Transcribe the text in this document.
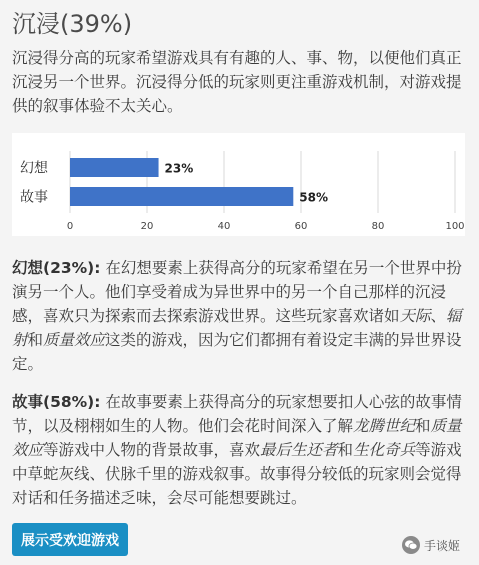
沉浸(39%)
沉浸得分高的玩家希望游戏具有有趣的人、事、物，以便他们真正沉浸另一个世界。沉浸得分低的玩家则更注重游戏机制，对游戏提供的叙事体验不太关心。
0	20	40	60	80	100
幻想	23%
故事	58%
幻想(23%): 在幻想要素上获得高分的玩家希望在另一个世界中扮演另一个人。他们享受着成为异世界中的另一个自己那样的沉浸感，喜欢只为探索而去探索游戏世界。这些玩家喜欢诸如天际、辐射和质量效应这类的游戏，因为它们都拥有着设定丰满的异世界设定。
故事(58%): 在故事要素上获得高分的玩家想要扣人心弦的故事情节，以及栩栩如生的人物。他们会花时间深入了解龙腾世纪和质量效应等游戏中人物的背景故事，喜欢最后生还者和生化奇兵等游戏中草蛇灰线、伏脉千里的游戏叙事。故事得分较低的玩家则会觉得对话和任务描述乏味，会尽可能想要跳过。
展示受欢迎游戏	手谈姬
